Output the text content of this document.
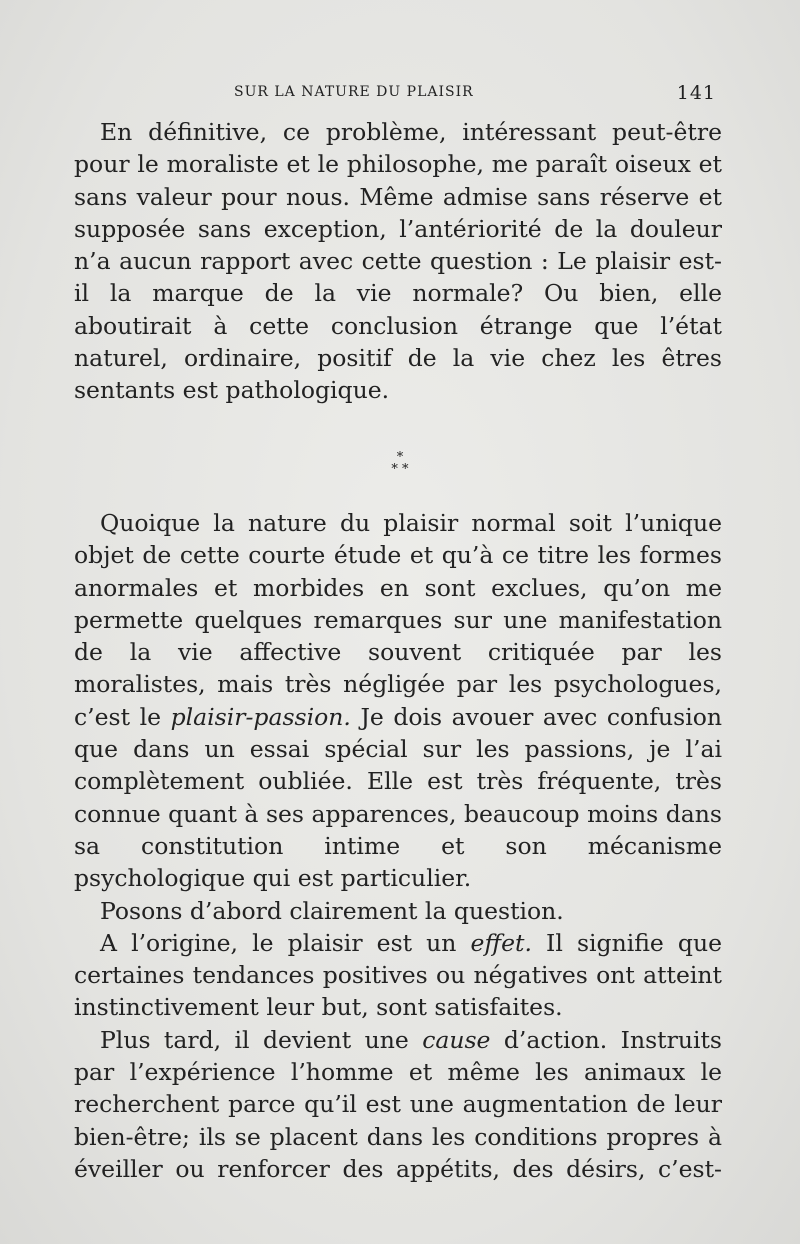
SUR LA NATURE DU PLAISIR	141

En définitive, ce problème, intéressant peut-être pour le moraliste et le philosophe, me paraît oiseux et sans valeur pour nous. Même admise sans réserve et supposée sans exception, l’antériorité de la douleur n’a aucun rapport avec cette question : Le plaisir est-il la marque de la vie normale? Ou bien, elle aboutirait à cette conclusion étrange que l’état naturel, ordinaire, positif de la vie chez les êtres sentants est pathologique.

*
* *

Quoique la nature du plaisir normal soit l’unique objet de cette courte étude et qu’à ce titre les formes anormales et morbides en sont exclues, qu’on me permette quelques remarques sur une manifestation de la vie affective souvent critiquée par les moralistes, mais très négligée par les psychologues, c’est le plaisir-passion. Je dois avouer avec confusion que dans un essai spécial sur les passions, je l’ai complètement oubliée. Elle est très fréquente, très connue quant à ses apparences, beaucoup moins dans sa constitution intime et son mécanisme psychologique qui est particulier.

Posons d’abord clairement la question.

A l’origine, le plaisir est un effet. Il signifie que certaines tendances positives ou négatives ont atteint instinctivement leur but, sont satisfaites.

Plus tard, il devient une cause d’action. Instruits par l’expérience l’homme et même les animaux le recherchent parce qu’il est une augmentation de leur bien-être; ils se placent dans les conditions propres à éveiller ou renforcer des appétits, des désirs, c’est-
